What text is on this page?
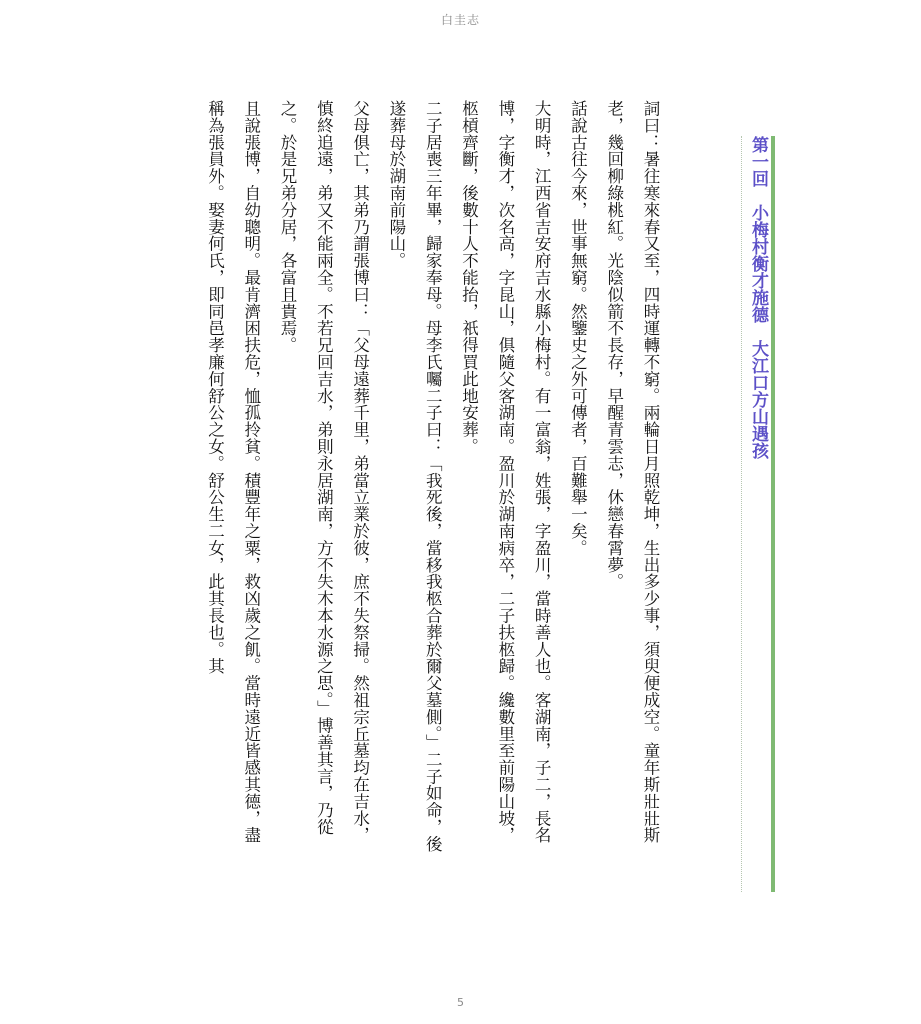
白圭志
第一回　小梅村衡才施德　大江口方山遇孩

詞曰：暑往寒來春又至，四時運轉不窮。兩輪日月照乾坤，生出多少事，須臾便成空。童年斯壯壯斯老，幾回柳綠桃紅。光陰似箭不長存，早醒青雲志，休戀春霄夢。

話說古往今來，世事無窮。然鑒史之外可傳者，百難舉一矣。

大明時，江西省吉安府吉水縣小梅村。有一富翁，姓張，字盈川，當時善人也。客湖南，子二，長名博，字衡才，次名高，字昆山，俱隨父客湖南。盈川於湖南病卒，二子扶柩歸。纔數里至前陽山坡，柩槓齊斷，後數十人不能抬，祇得買此地安葬。

二子居喪三年畢，歸家奉母。母李氏囑二子曰：「我死後，當移我柩合葬於爾父墓側。」二子如命，後遂葬母於湖南前陽山。

父母俱亡，其弟乃謂張博曰：「父母遠葬千里，弟當立業於彼，庶不失祭掃。然祖宗丘墓均在吉水，慎終追遠，弟又不能兩全。不若兄回吉水，弟則永居湖南，方不失木本水源之思。」博善其言，乃從之。於是兄弟分居，各富且貴焉。

且說張博，自幼聰明。最肯濟困扶危，恤孤拎貧。積豐年之粟，救凶歲之飢。當時遠近皆感其德，盡稱為張員外。娶妻何氏，即同邑孝廉何舒公之女。舒公生二女，此其長也。其

5
